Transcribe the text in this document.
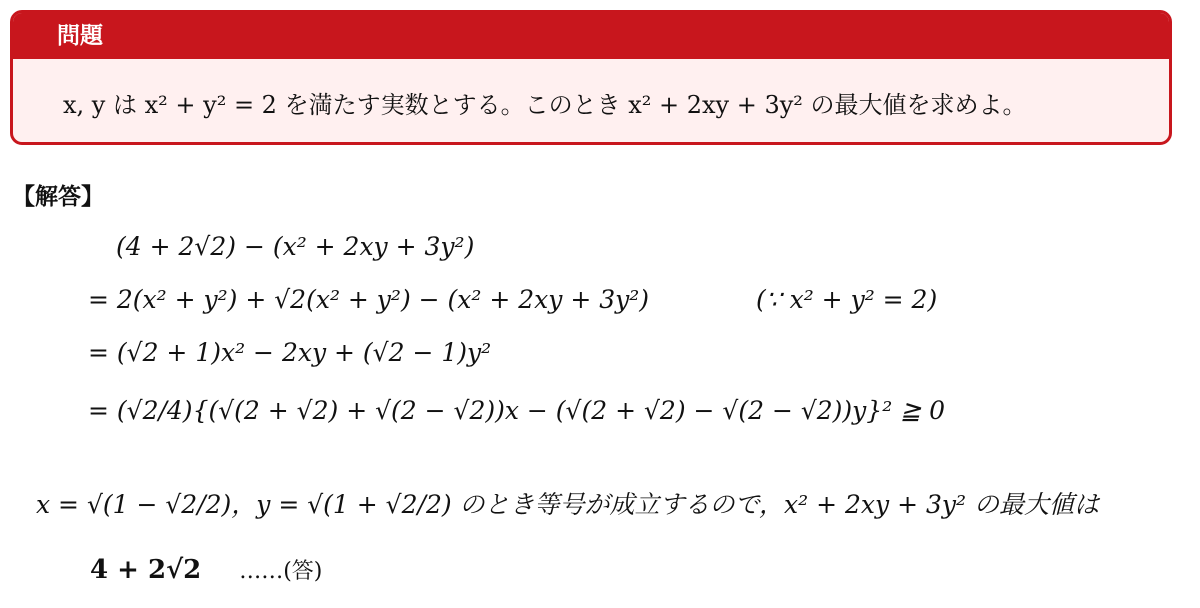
問題
x, y は x² + y² = 2 を満たす実数とする。このとき x² + 2xy + 3y² の最大値を求めよ。
【解答】
(4 + 2√2) − (x² + 2xy + 3y²)
= 2(x² + y²) + √2(x² + y²) − (x² + 2xy + 3y²)	(∵ x² + y² = 2)
= (√2 + 1)x² − 2xy + (√2 − 1)y²
= (√2/4){(√(2 + √2) + √(2 − √2))x − (√(2 + √2) − √(2 − √2))y}² ≧ 0
x = √(1 − √2/2)，y = √(1 + √2/2) のとき等号が成立するので，x² + 2xy + 3y² の最大値は
4 + 2√2 ……(答)
